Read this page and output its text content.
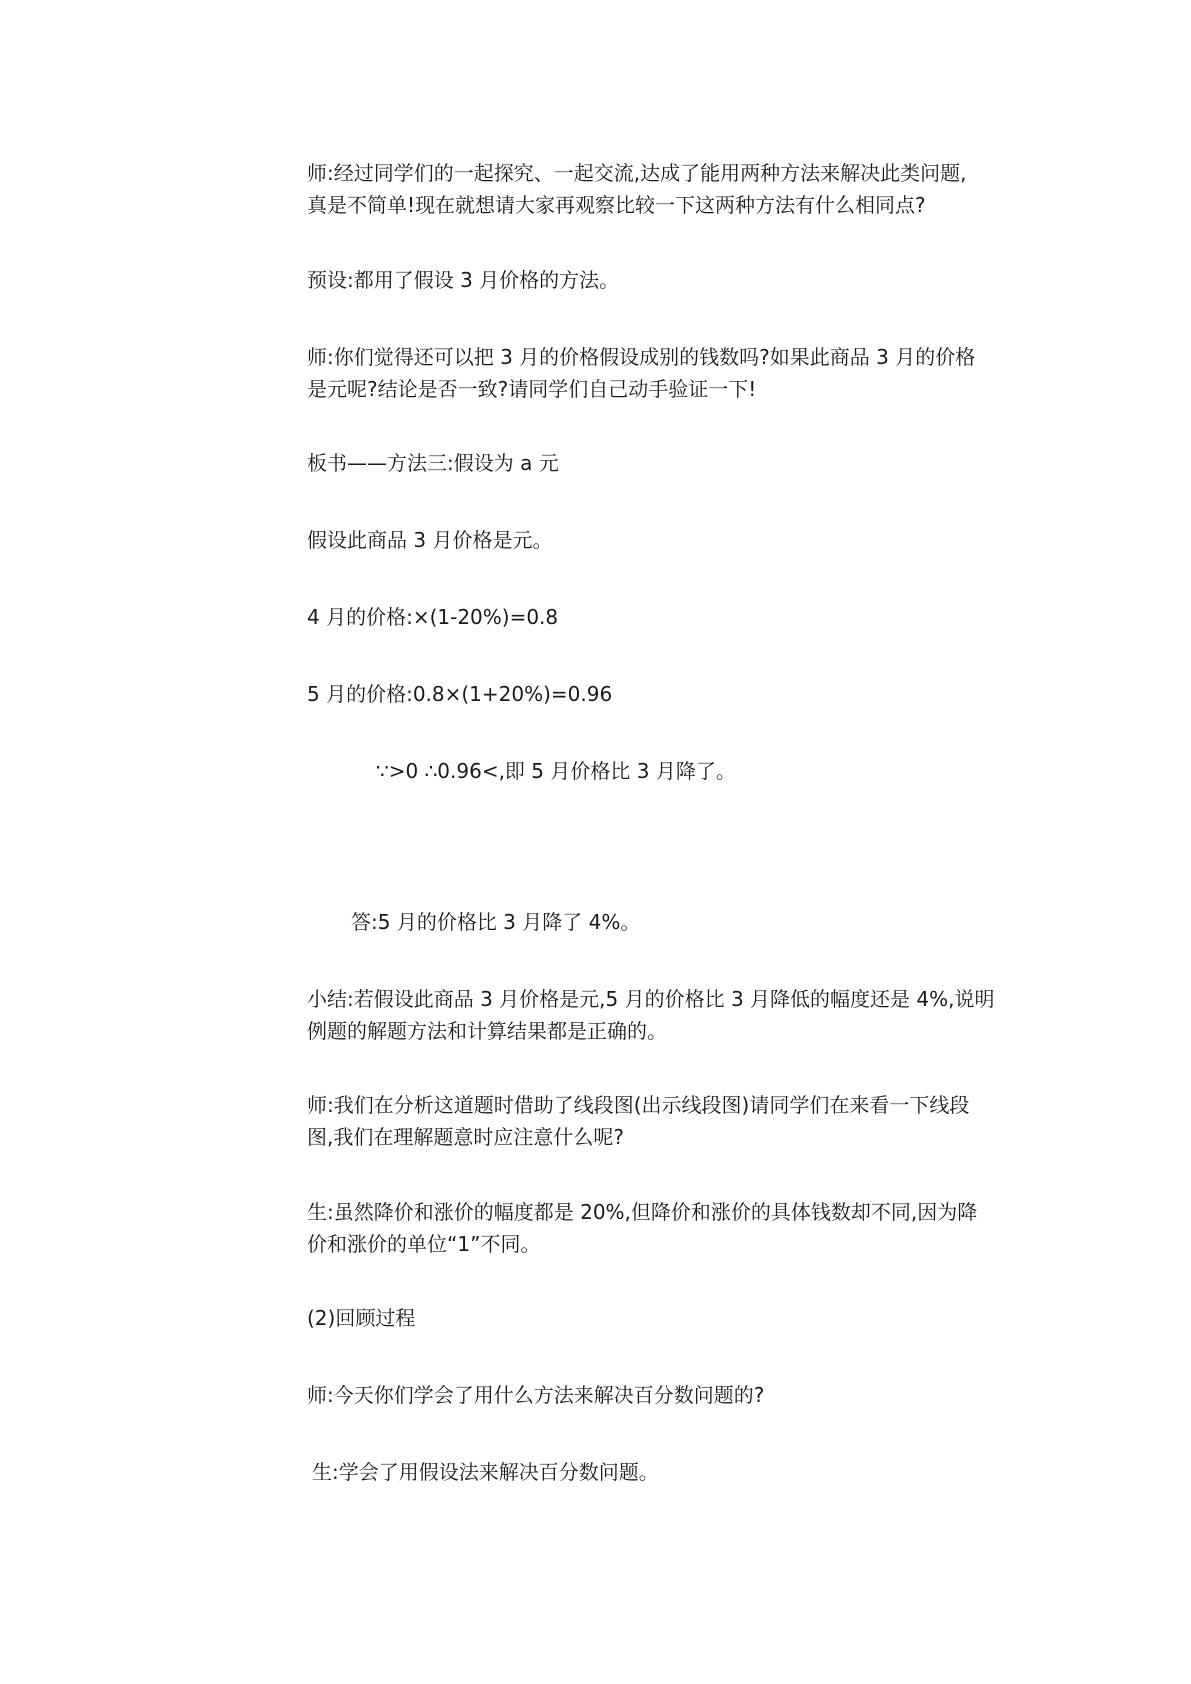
师:经过同学们的一起探究、一起交流,达成了能用两种方法来解决此类问题,
真是不简单!现在就想请大家再观察比较一下这两种方法有什么相同点?
预设:都用了假设 3 月价格的方法。
师:你们觉得还可以把 3 月的价格假设成别的钱数吗?如果此商品 3 月的价格
是元呢?结论是否一致?请同学们自己动手验证一下!
板书——方法三:假设为 a 元
假设此商品 3 月价格是元。
4 月的价格:×(1-20%)=0.8
5 月的价格:0.8×(1+20%)=0.96
∵>0 ∴0.96<,即 5 月价格比 3 月降了。
答:5 月的价格比 3 月降了 4%。
小结:若假设此商品 3 月价格是元,5 月的价格比 3 月降低的幅度还是 4%,说明
例题的解题方法和计算结果都是正确的。
师:我们在分析这道题时借助了线段图(出示线段图)请同学们在来看一下线段
图,我们在理解题意时应注意什么呢?
生:虽然降价和涨价的幅度都是 20%,但降价和涨价的具体钱数却不同,因为降
价和涨价的单位“1”不同。
(2)回顾过程
师:今天你们学会了用什么方法来解决百分数问题的?
生:学会了用假设法来解决百分数问题。
